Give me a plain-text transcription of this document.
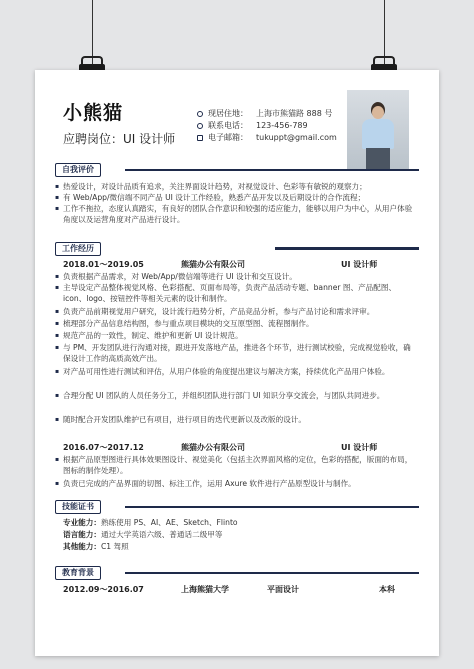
小熊猫
应聘岗位：UI 设计师
现居住地： 上海市熊猫路 888 号
联系电话： 123-456-789
电子邮箱： tukuppt@gmail.com
自我评价
▪ 热爱设计，对设计品质有追求，关注界面设计趋势，对视觉设计、色彩等有敏锐的观察力；
▪ 有 Web/App/微信端不同产品 UI 设计工作经验，熟悉产品开发以及后期设计的合作流程；
▪ 工作不拖拉，态度认真踏实，有良好的团队合作意识和较强的适应能力，能够以用户为中心，从用户体验角度以及运营角度对产品进行设计。
工作经历
2018.01～2019.05	熊猫办公有限公司	UI 设计师
▪ 负责根据产品需求，对 Web/App/微信端等进行 UI 设计和交互设计。
▪ 主导设定产品整体视觉风格、色彩搭配、页面布局等，负责产品活动专题、banner 图、产品配图、icon、logo、按钮控件等相关元素的设计和制作。
▪ 负责产品前期视觉用户研究，设计流行趋势分析，产品竞品分析，参与产品讨论和需求评审。
▪ 梳理部分产品信息结构图，参与重点项目模块的交互原型图、流程图制作。
▪ 规范产品的一致性，制定、维护和更新 UI 设计规范。
▪ 与 PM、开发团队进行沟通对接，跟进开发落地产品，推进各个环节，进行测试校验，完成视觉验收，确保设计工作的高质高效产出。
▪ 对产品可用性进行测试和评估，从用户体验的角度提出建议与解决方案，持续优化产品用户体验。
▪ 合理分配 UI 团队的人员任务分工，并组织团队进行部门 UI 知识分享交流会，与团队共同进步。
▪ 随时配合开发团队维护已有项目，进行项目的迭代更新以及改版的设计。
2016.07～2017.12	熊猫办公有限公司	UI 设计师
▪ 根据产品原型图进行具体效果图设计、视觉美化（包括主次界面风格的定位，色彩的搭配，版面的布局，图标的制作处理）。
▪ 负责已完成的产品界面的切图、标注工作，运用 Axure 软件进行产品原型设计与制作。
技能证书
专业能力：熟练使用 PS、AI、AE、Sketch、Flinto
语言能力：通过大学英语六级、普通话二级甲等
其他能力：C1 驾照
教育背景
2012.09～2016.07	上海熊猫大学	平面设计	本科
